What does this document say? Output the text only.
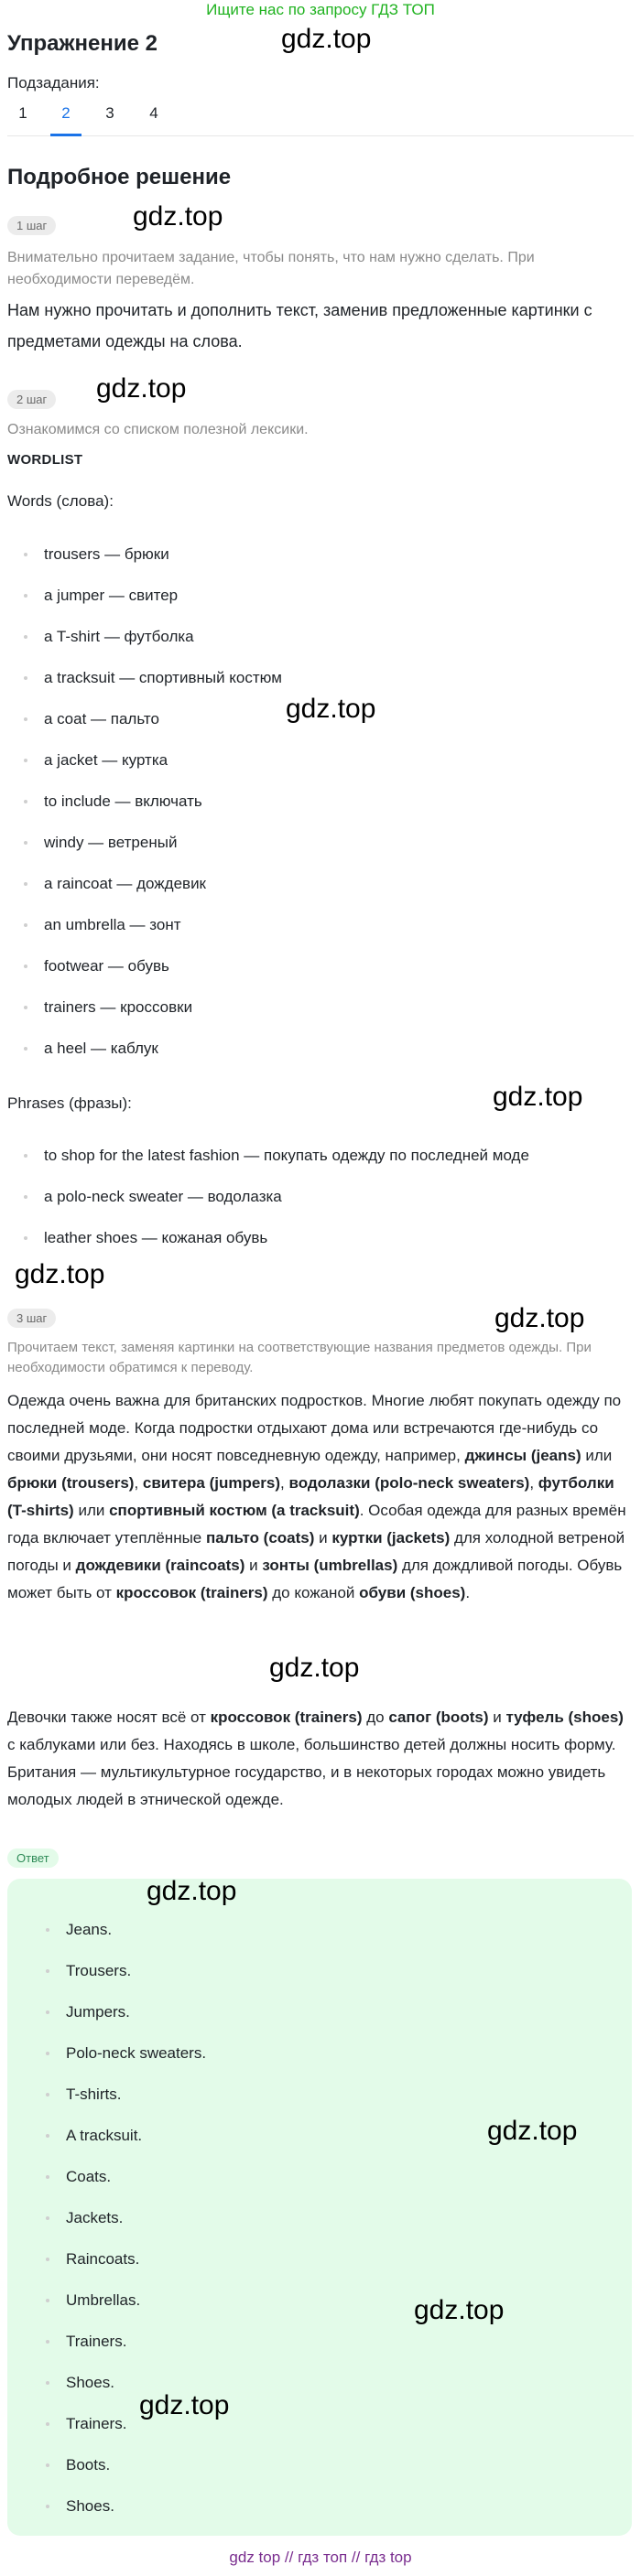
Ищите нас по запросу ГДЗ ТОП
Упражнение 2	gdz.top
Подзадания:
1	2	3	4
Подробное решение
1 шаг	gdz.top
Внимательно прочитаем задание, чтобы понять, что нам нужно сделать. При необходимости переведём.
Нам нужно прочитать и дополнить текст, заменив предложенные картинки с предметами одежды на слова.
2 шаг	gdz.top
Ознакомимся со списком полезной лексики.
WORDLIST
Words (слова):
trousers — брюки
a jumper — свитер
a T-shirt — футболка
a tracksuit — спортивный костюм
a coat — пальто
a jacket — куртка
to include — включать
windy — ветреный
a raincoat — дождевик
an umbrella — зонт
footwear — обувь
trainers — кроссовки
a heel — каблук
gdz.top
Phrases (фразы):	gdz.top
to shop for the latest fashion — покупать одежду по последней моде
a polo-neck sweater — водолазка
leather shoes — кожаная обувь
gdz.top
3 шаг	gdz.top
Прочитаем текст, заменяя картинки на соответствующие названия предметов одежды. При необходимости обратимся к переводу.
Одежда очень важна для британских подростков. Многие любят покупать одежду по последней моде. Когда подростки отдыхают дома или встречаются где-нибудь со своими друзьями, они носят повседневную одежду, например, джинсы (jeans) или брюки (trousers), свитера (jumpers), водолазки (polo-neck sweaters), футболки (T-shirts) или спортивный костюм (a tracksuit). Особая одежда для разных времён года включает утеплённые пальто (coats) и куртки (jackets) для холодной ветреной погоды и дождевики (raincoats) и зонты (umbrellas) для дождливой погоды. Обувь может быть от кроссовок (trainers) до кожаной обуви (shoes).
gdz.top
Девочки также носят всё от кроссовок (trainers) до сапог (boots) и туфель (shoes) с каблуками или без. Находясь в школе, большинство детей должны носить форму. Британия — мультикультурное государство, и в некоторых городах можно увидеть молодых людей в этнической одежде.
Ответ
gdz.top
Jeans.
Trousers.
Jumpers.
Polo-neck sweaters.
T-shirts.
A tracksuit.
Coats.
Jackets.
Raincoats.
Umbrellas.
Trainers.
Shoes.
Trainers.
Boots.
Shoes.
gdz.top
gdz.top
gdz.top
gdz top // гдз топ // гдз top
